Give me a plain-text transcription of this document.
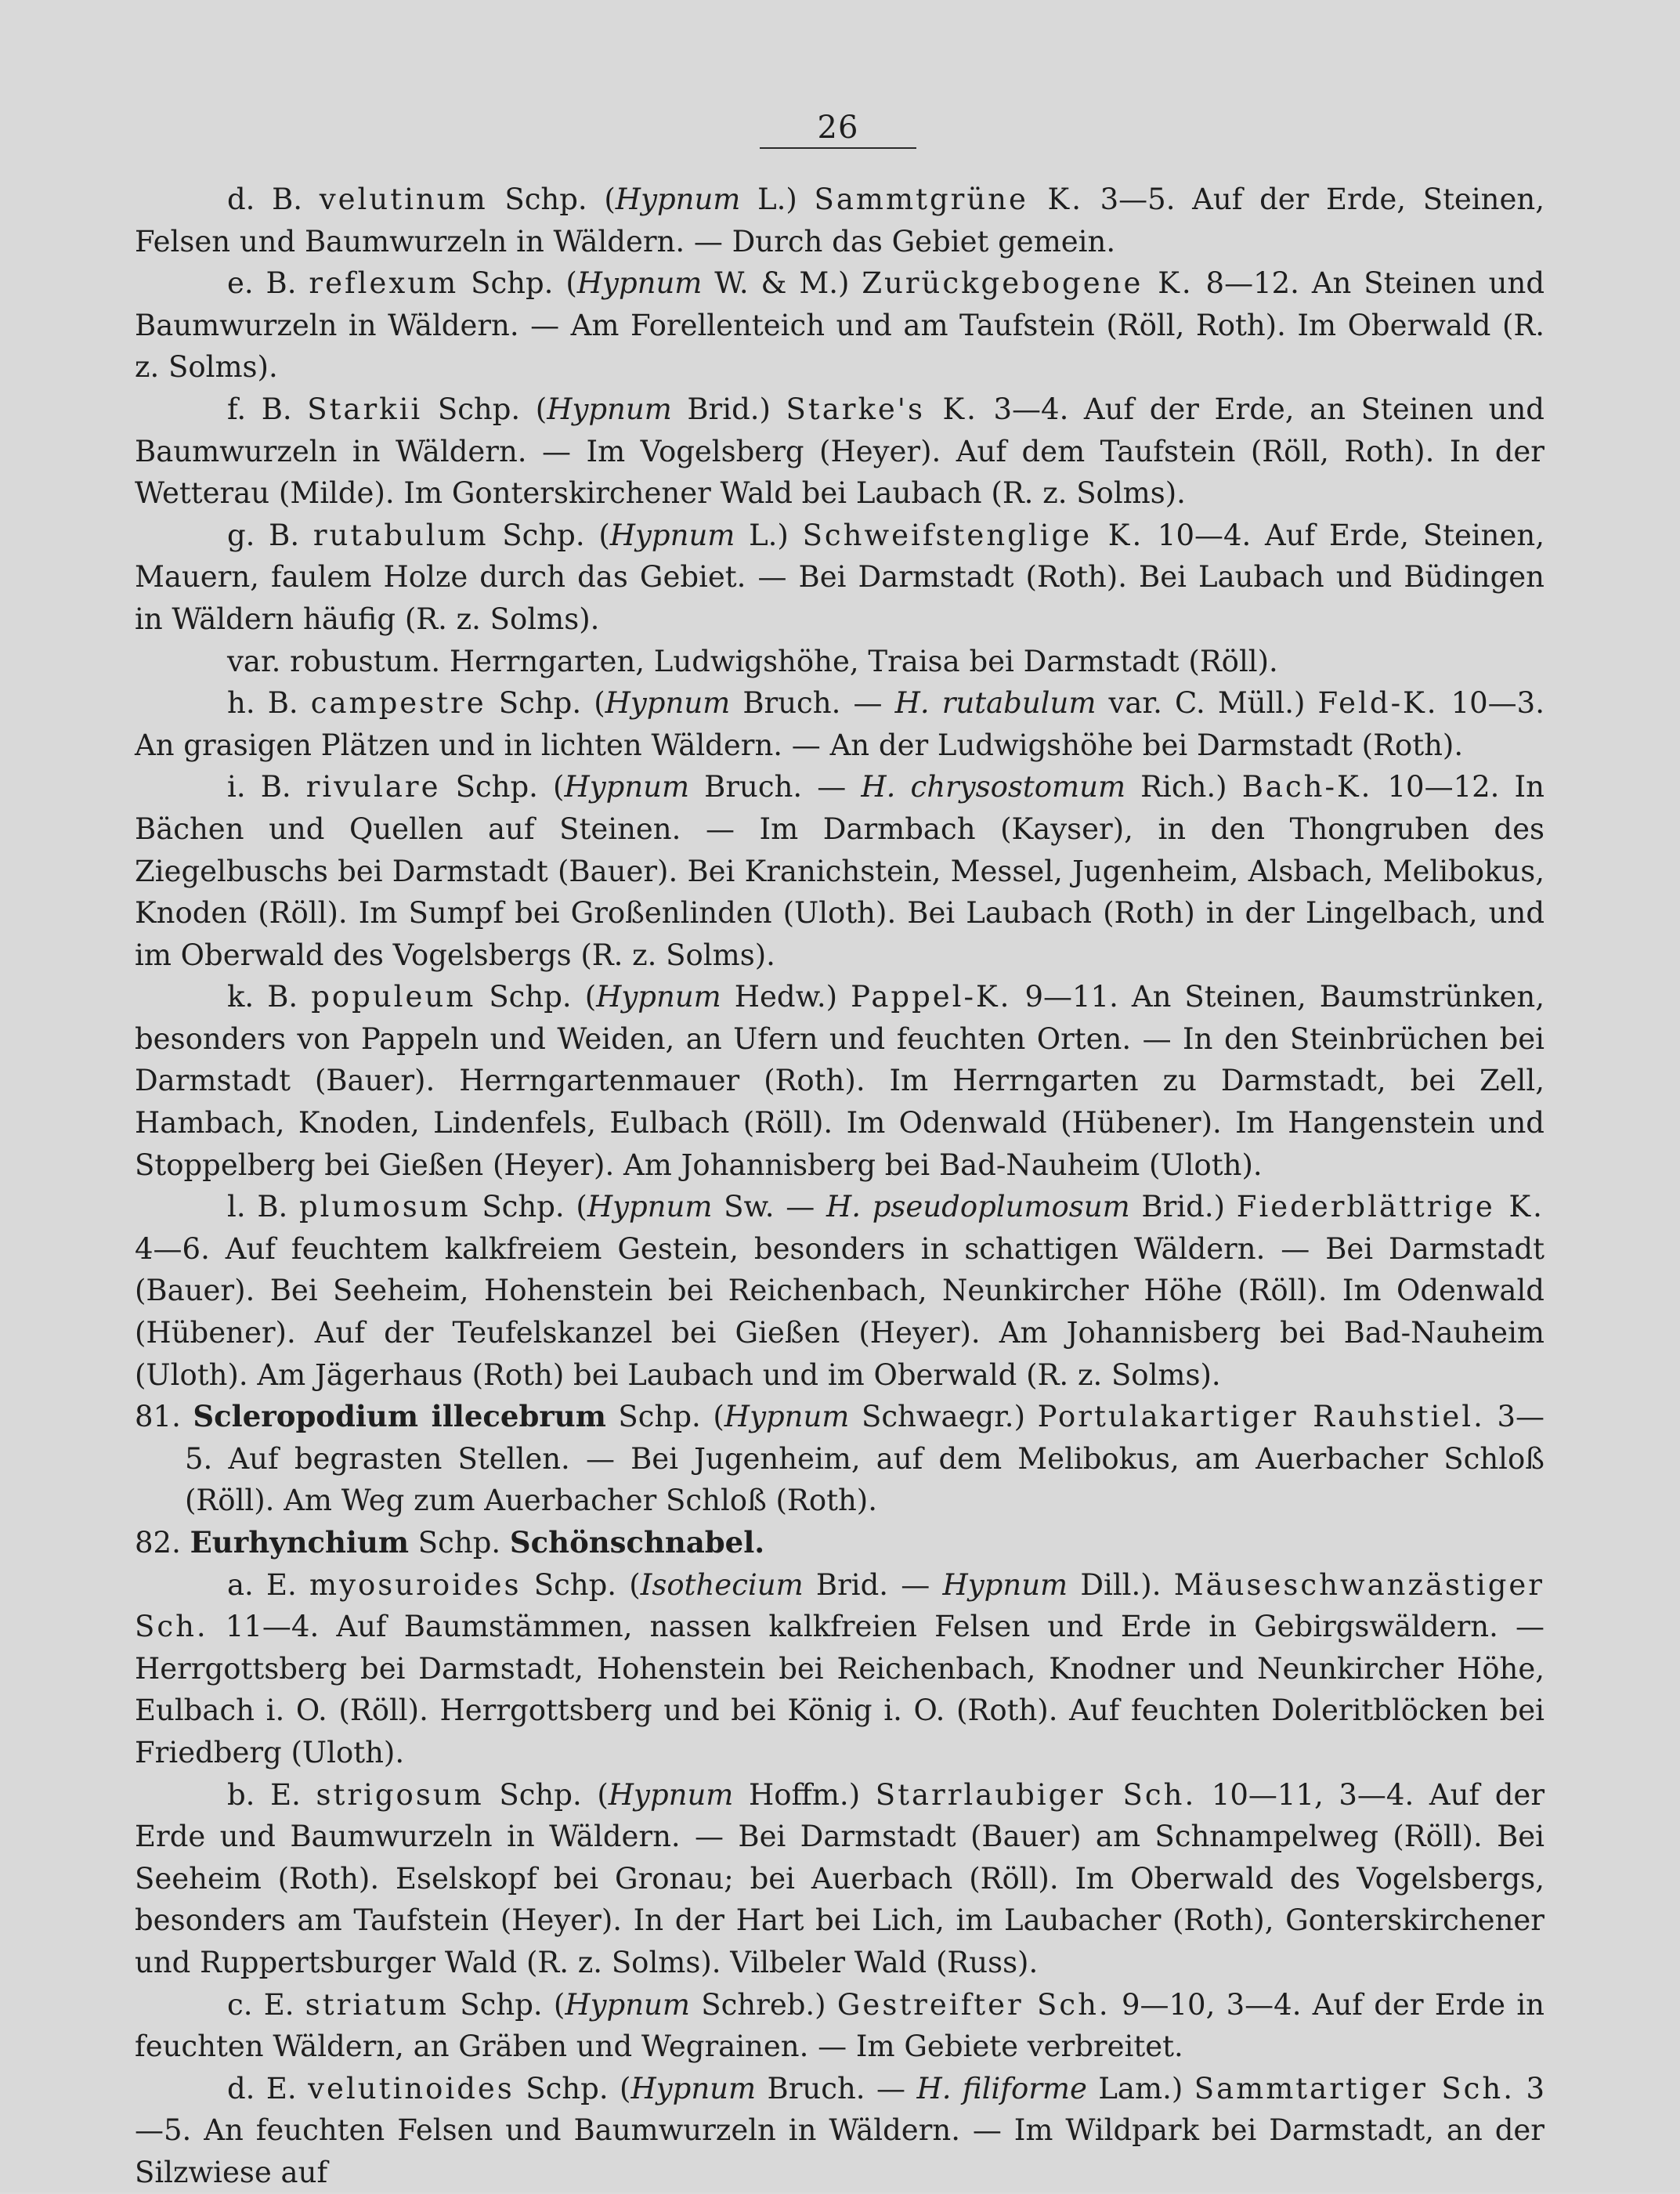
26

d. B. velutinum Schp. (Hypnum L.) Sammtgrüne K. 3—5. Auf der Erde, Steinen, Felsen und Baumwurzeln in Wäldern. — Durch das Gebiet gemein.

e. B. reflexum Schp. (Hypnum W. & M.) Zurückgebogene K. 8—12. An Steinen und Baumwurzeln in Wäldern. — Am Forellenteich und am Taufstein (Röll, Roth). Im Oberwald (R. z. Solms).

f. B. Starkii Schp. (Hypnum Brid.) Starke's K. 3—4. Auf der Erde, an Steinen und Baumwurzeln in Wäldern. — Im Vogelsberg (Heyer). Auf dem Taufstein (Röll, Roth). In der Wetterau (Milde). Im Gonterskirchener Wald bei Laubach (R. z. Solms).

g. B. rutabulum Schp. (Hypnum L.) Schweifstenglige K. 10—4. Auf Erde, Steinen, Mauern, faulem Holze durch das Gebiet. — Bei Darmstadt (Roth). Bei Laubach und Büdingen in Wäldern häufig (R. z. Solms).

var. robustum. Herrngarten, Ludwigshöhe, Traisa bei Darmstadt (Röll).

h. B. campestre Schp. (Hypnum Bruch. — H. rutabulum var. C. Müll.) Feld-K. 10—3. An grasigen Plätzen und in lichten Wäldern. — An der Ludwigshöhe bei Darmstadt (Roth).

i. B. rivulare Schp. (Hypnum Bruch. — H. chrysostomum Rich.) Bach-K. 10—12. In Bächen und Quellen auf Steinen. — Im Darmbach (Kayser), in den Thongruben des Ziegelbuschs bei Darmstadt (Bauer). Bei Kranichstein, Messel, Jugenheim, Alsbach, Melibokus, Knoden (Röll). Im Sumpf bei Großenlinden (Uloth). Bei Laubach (Roth) in der Lingelbach, und im Oberwald des Vogelsbergs (R. z. Solms).

k. B. populeum Schp. (Hypnum Hedw.) Pappel-K. 9—11. An Steinen, Baumstrünken, besonders von Pappeln und Weiden, an Ufern und feuchten Orten. — In den Steinbrüchen bei Darmstadt (Bauer). Herrngartenmauer (Roth). Im Herrngarten zu Darmstadt, bei Zell, Hambach, Knoden, Lindenfels, Eulbach (Röll). Im Odenwald (Hübener). Im Hangenstein und Stoppelberg bei Gießen (Heyer). Am Johannisberg bei Bad-Nauheim (Uloth).

l. B. plumosum Schp. (Hypnum Sw. — H. pseudoplumosum Brid.) Fiederblättrige K. 4—6. Auf feuchtem kalkfreiem Gestein, besonders in schattigen Wäldern. — Bei Darmstadt (Bauer). Bei Seeheim, Hohenstein bei Reichenbach, Neunkircher Höhe (Röll). Im Odenwald (Hübener). Auf der Teufelskanzel bei Gießen (Heyer). Am Johannisberg bei Bad-Nauheim (Uloth). Am Jägerhaus (Roth) bei Laubach und im Oberwald (R. z. Solms).

81. Scleropodium illecebrum Schp. (Hypnum Schwaegr.) Portulakartiger Rauhstiel. 3—5. Auf begrasten Stellen. — Bei Jugenheim, auf dem Melibokus, am Auerbacher Schloß (Röll). Am Weg zum Auerbacher Schloß (Roth).

82. Eurhynchium Schp. Schönschnabel.

a. E. myosuroides Schp. (Isothecium Brid. — Hypnum Dill.). Mäuseschwanzästiger Sch. 11—4. Auf Baumstämmen, nassen kalkfreien Felsen und Erde in Gebirgswäldern. — Herrgottsberg bei Darmstadt, Hohenstein bei Reichenbach, Knodner und Neunkircher Höhe, Eulbach i. O. (Röll). Herrgottsberg und bei König i. O. (Roth). Auf feuchten Doleritblöcken bei Friedberg (Uloth).

b. E. strigosum Schp. (Hypnum Hoffm.) Starrlaubiger Sch. 10—11, 3—4. Auf der Erde und Baumwurzeln in Wäldern. — Bei Darmstadt (Bauer) am Schnampelweg (Röll). Bei Seeheim (Roth). Eselskopf bei Gronau; bei Auerbach (Röll). Im Oberwald des Vogelsbergs, besonders am Taufstein (Heyer). In der Hart bei Lich, im Laubacher (Roth), Gonterskirchener und Ruppertsburger Wald (R. z. Solms). Vilbeler Wald (Russ).

c. E. striatum Schp. (Hypnum Schreb.) Gestreifter Sch. 9—10, 3—4. Auf der Erde in feuchten Wäldern, an Gräben und Wegrainen. — Im Gebiete verbreitet.

d. E. velutinoides Schp. (Hypnum Bruch. — H. filiforme Lam.) Sammtartiger Sch. 3—5. An feuchten Felsen und Baumwurzeln in Wäldern. — Im Wildpark bei Darmstadt, an der Silzwiese auf
